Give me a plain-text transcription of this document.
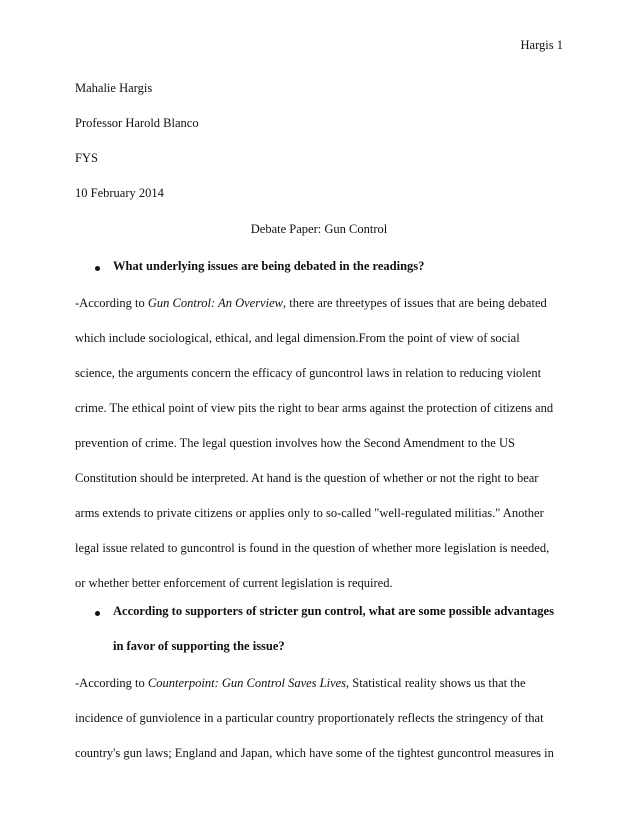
Hargis 1
Mahalie Hargis
Professor Harold Blanco
FYS
10 February 2014
Debate Paper: Gun Control
What underlying issues are being debated in the readings?
-According to Gun Control: An Overview, there are threetypes of issues that are being debated
which include sociological, ethical, and legal dimension.From the point of view of social
science, the arguments concern the efficacy of guncontrol laws in relation to reducing violent
crime. The ethical point of view pits the right to bear arms against the protection of citizens and
prevention of crime. The legal question involves how the Second Amendment to the US
Constitution should be interpreted. At hand is the question of whether or not the right to bear
arms extends to private citizens or applies only to so-called "well-regulated militias." Another
legal issue related to guncontrol is found in the question of whether more legislation is needed,
or whether better enforcement of current legislation is required.
According to supporters of stricter gun control, what are some possible advantages
in favor of supporting the issue?
-According to Counterpoint: Gun Control Saves Lives, Statistical reality shows us that the
incidence of gunviolence in a particular country proportionately reflects the stringency of that
country's gun laws; England and Japan, which have some of the tightest guncontrol measures in
